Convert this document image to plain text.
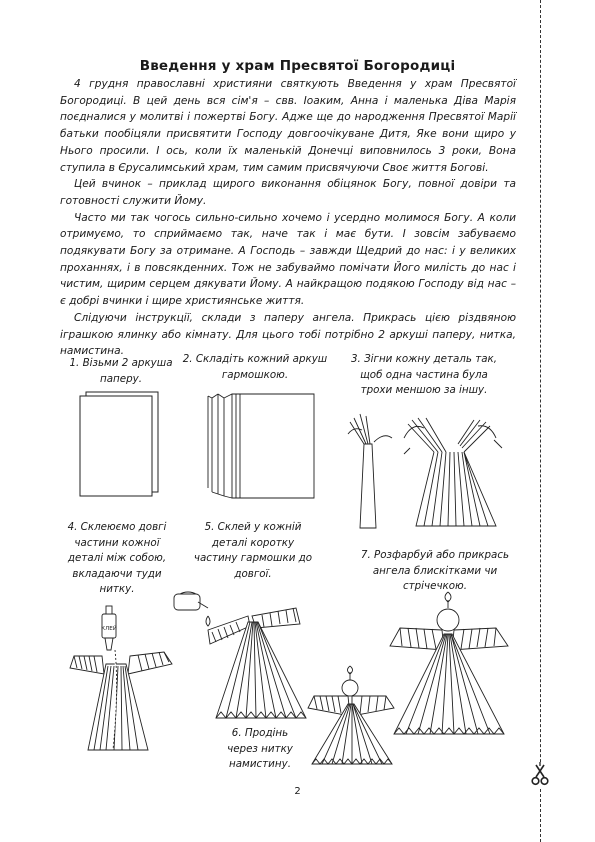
Введення у храм Пресвятої Богородиці

4 грудня православні християни святкують Введення у храм Пресвятої Богородиці. В цей день вся сім'я – свв. Іоаким, Анна і маленька Діва Марія поєдналися у молитві і пожертві Богу. Адже ще до народження Пресвятої Марії батьки пообіцяли присвятити Господу довгоочікуване Дитя, Яке вони щиро у Нього просили. І ось, коли їх маленькій Донечці виповнилось 3 роки, Вона ступила в Єрусалимський храм, тим самим присвячуючи Своє життя Богові.

Цей вчинок – приклад щирого виконання обіцянок Богу, повної довіри та готовності служити Йому.

Часто ми так чогось сильно-сильно хочемо і усердно молимося Богу. А коли отримуємо, то сприймаємо так, наче так і має бути. І зовсім забуваємо подякувати Богу за отримане. А Господь – завжди Щедрий до нас: і у великих проханнях, і в повсякденних. Тож не забуваймо помічати Його милість до нас і чистим, щирим серцем дякувати Йому. А найкращою подякою Господу від нас – є добрі вчинки і щире християнське життя.

Слідуючи інструкції, склади з паперу ангела. Прикрась цією різдвяною іграшкою ялинку або кімнату. Для цього тобі потрібно 2 аркуші паперу, нитка, намистина.

1. Візьми 2 аркуша паперу.
2. Складіть кожний аркуш гармошкою.
3. Зігни кожну деталь так, щоб одна частина була трохи меншою за іншу.
4. Склеюємо довгі частини кожної деталі між собою, вкладаючи туди нитку.
5. Склей у кожній деталі коротку частину гармошки до довгої.
6. Продінь через нитку намистину.
7. Розфарбуй або прикрась ангела блискітками чи стрічечкою.
КЛЕЙ
2
